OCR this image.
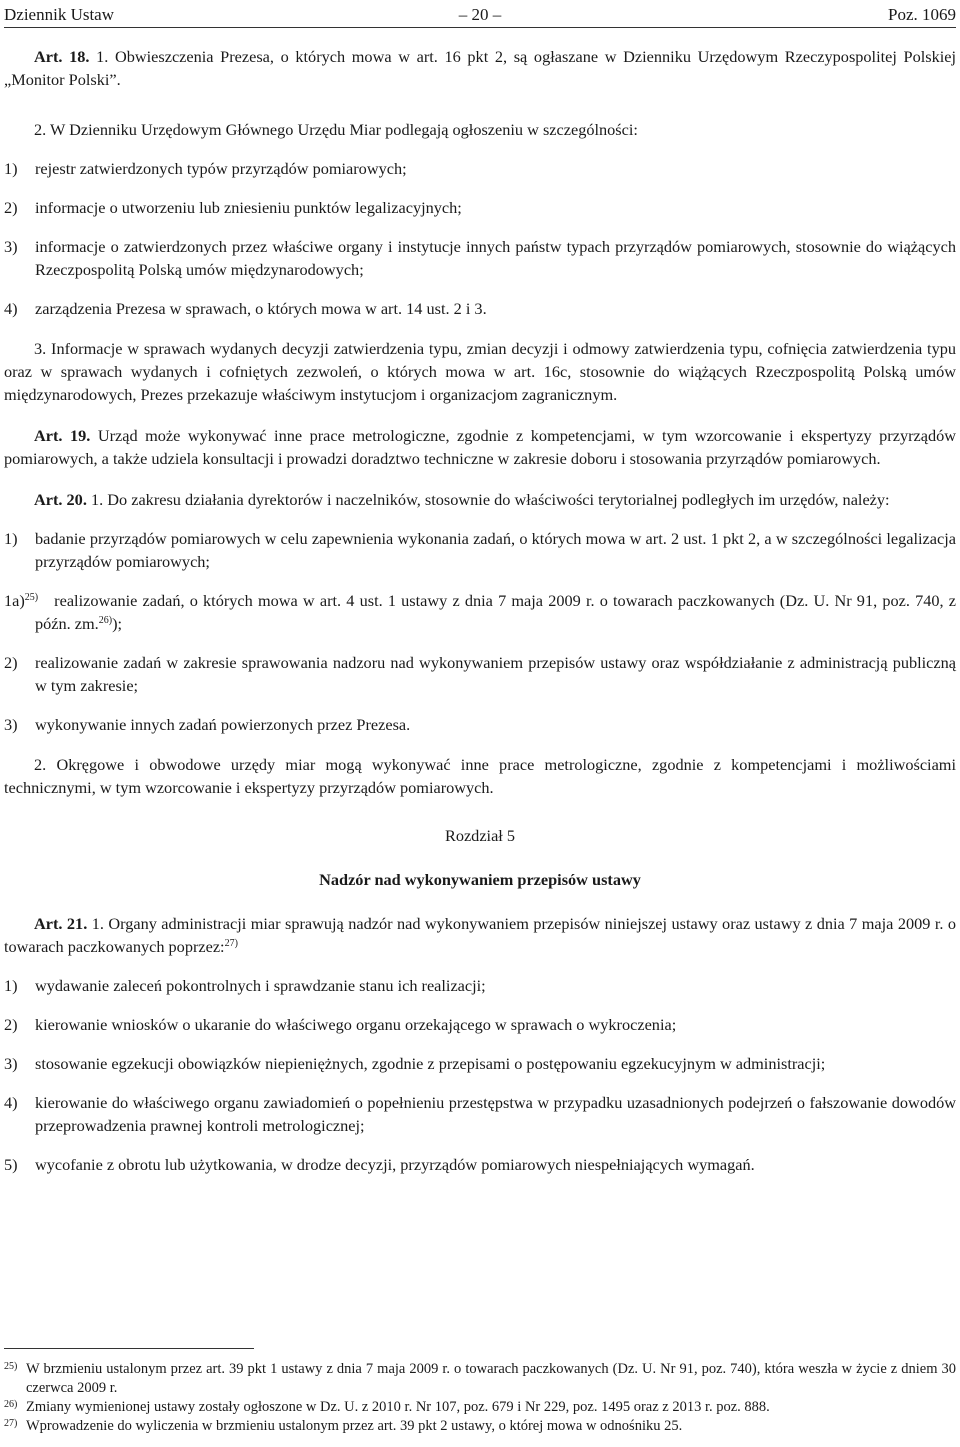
Dziennik Ustaw	– 20 –	Poz. 1069

Art. 18. 1. Obwieszczenia Prezesa, o których mowa w art. 16 pkt 2, są ogłaszane w Dzienniku Urzędowym Rzeczypospolitej Polskiej „Monitor Polski”.

2. W Dzienniku Urzędowym Głównego Urzędu Miar podlegają ogłoszeniu w szczególności:

1) rejestr zatwierdzonych typów przyrządów pomiarowych;
2) informacje o utworzeniu lub zniesieniu punktów legalizacyjnych;
3) informacje o zatwierdzonych przez właściwe organy i instytucje innych państw typach przyrządów pomiarowych, stosownie do wiążących Rzeczpospolitą Polską umów międzynarodowych;
4) zarządzenia Prezesa w sprawach, o których mowa w art. 14 ust. 2 i 3.

3. Informacje w sprawach wydanych decyzji zatwierdzenia typu, zmian decyzji i odmowy zatwierdzenia typu, cofnięcia zatwierdzenia typu oraz w sprawach wydanych i cofniętych zezwoleń, o których mowa w art. 16c, stosownie do wiążących Rzeczpospolitą Polską umów międzynarodowych, Prezes przekazuje właściwym instytucjom i organizacjom zagranicznym.

Art. 19. Urząd może wykonywać inne prace metrologiczne, zgodnie z kompetencjami, w tym wzorcowanie i ekspertyzy przyrządów pomiarowych, a także udziela konsultacji i prowadzi doradztwo techniczne w zakresie doboru i stosowania przyrządów pomiarowych.

Art. 20. 1. Do zakresu działania dyrektorów i naczelników, stosownie do właściwości terytorialnej podległych im urzędów, należy:

1) badanie przyrządów pomiarowych w celu zapewnienia wykonania zadań, o których mowa w art. 2 ust. 1 pkt 2, a w szczególności legalizacja przyrządów pomiarowych;
1a)$^{25)}$ realizowanie zadań, o których mowa w art. 4 ust. 1 ustawy z dnia 7 maja 2009 r. o towarach paczkowanych (Dz. U. Nr 91, poz. 740, z późn. zm.$^{26)}$);
2) realizowanie zadań w zakresie sprawowania nadzoru nad wykonywaniem przepisów ustawy oraz współdziałanie z administracją publiczną w tym zakresie;
3) wykonywanie innych zadań powierzonych przez Prezesa.

2. Okręgowe i obwodowe urzędy miar mogą wykonywać inne prace metrologiczne, zgodnie z kompetencjami i możliwościami technicznymi, w tym wzorcowanie i ekspertyzy przyrządów pomiarowych.

Rozdział 5

Nadzór nad wykonywaniem przepisów ustawy

Art. 21. 1. Organy administracji miar sprawują nadzór nad wykonywaniem przepisów niniejszej ustawy oraz ustawy z dnia 7 maja 2009 r. o towarach paczkowanych poprzez:$^{27)}$

1) wydawanie zaleceń pokontrolnych i sprawdzanie stanu ich realizacji;
2) kierowanie wniosków o ukaranie do właściwego organu orzekającego w sprawach o wykroczenia;
3) stosowanie egzekucji obowiązków niepieniężnych, zgodnie z przepisami o postępowaniu egzekucyjnym w administracji;
4) kierowanie do właściwego organu zawiadomień o popełnieniu przestępstwa w przypadku uzasadnionych podejrzeń o fałszowanie dowodów przeprowadzenia prawnej kontroli metrologicznej;
5) wycofanie z obrotu lub użytkowania, w drodze decyzji, przyrządów pomiarowych niespełniających wymagań.
25) W brzmieniu ustalonym przez art. 39 pkt 1 ustawy z dnia 7 maja 2009 r. o towarach paczkowanych (Dz. U. Nr 91, poz. 740), która weszła w życie z dniem 30 czerwca 2009 r.
26) Zmiany wymienionej ustawy zostały ogłoszone w Dz. U. z 2010 r. Nr 107, poz. 679 i Nr 229, poz. 1495 oraz z 2013 r. poz. 888.
27) Wprowadzenie do wyliczenia w brzmieniu ustalonym przez art. 39 pkt 2 ustawy, o której mowa w odnośniku 25.
